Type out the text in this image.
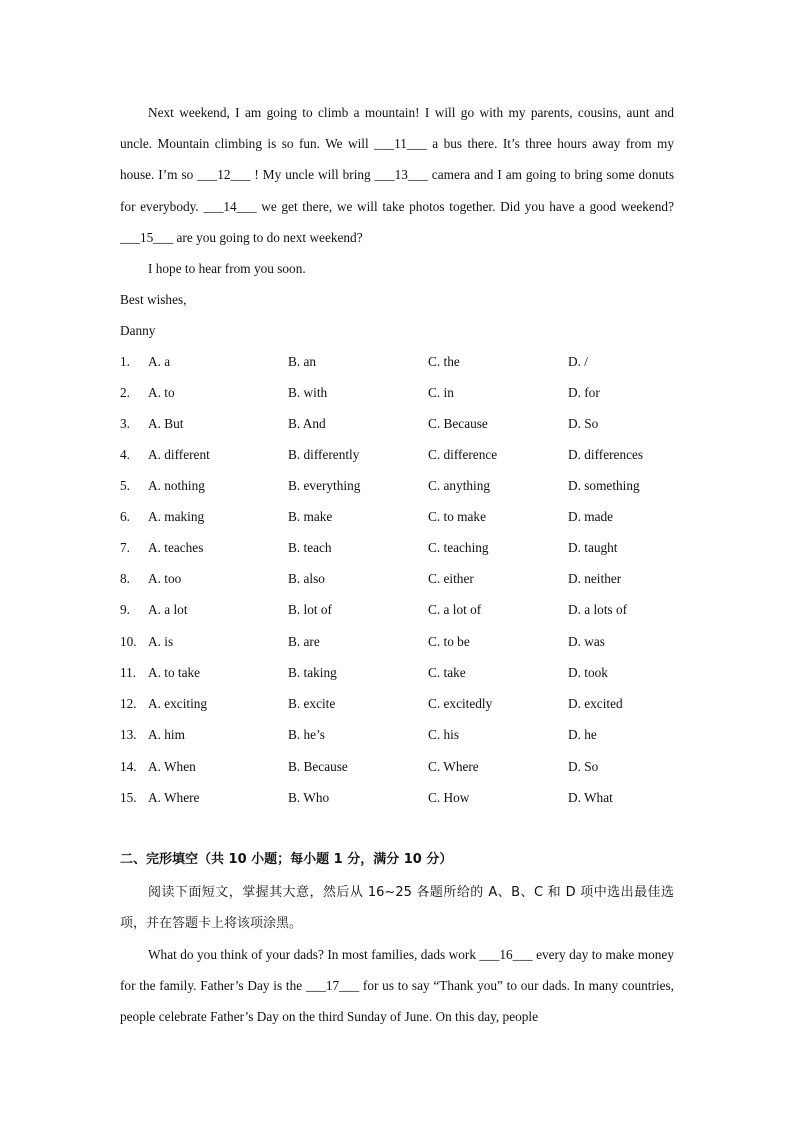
Next weekend, I am going to climb a mountain! I will go with my parents, cousins, aunt and uncle. Mountain climbing is so fun. We will ___11___ a bus there. It’s three hours away from my house. I’m so ___12___ ! My uncle will bring ___13___ camera and I am going to bring some donuts for everybody. ___14___ we get there, we will take photos together. Did you have a good weekend? ___15___ are you going to do next weekend?

I hope to hear from you soon.

Best wishes,

Danny

1. A. a	B. an	C. the	D. /
2. A. to	B. with	C. in	D. for
3. A. But	B. And	C. Because	D. So
4. A. different	B. differently	C. difference	D. differences
5. A. nothing	B. everything	C. anything	D. something
6. A. making	B. make	C. to make	D. made
7. A. teaches	B. teach	C. teaching	D. taught
8. A. too	B. also	C. either	D. neither
9. A. a lot	B. lot of	C. a lot of	D. a lots of
10. A. is	B. are	C. to be	D. was
11. A. to take	B. taking	C. take	D. took
12. A. exciting	B. excite	C. excitedly	D. excited
13. A. him	B. he’s	C. his	D. he
14. A. When	B. Because	C. Where	D. So
15. A. Where	B. Who	C. How	D. What

二、完形填空（共 10 小题；每小题 1 分，满分 10 分）

阅读下面短文，掌握其大意，然后从 16~25 各题所给的 A、B、C 和 D 项中选出最佳选项，并在答题卡上将该项涂黑。

What do you think of your dads? In most families, dads work ___16___ every day to make money for the family. Father’s Day is the ___17___ for us to say “Thank you” to our dads. In many countries, people celebrate Father’s Day on the third Sunday of June. On this day, people
